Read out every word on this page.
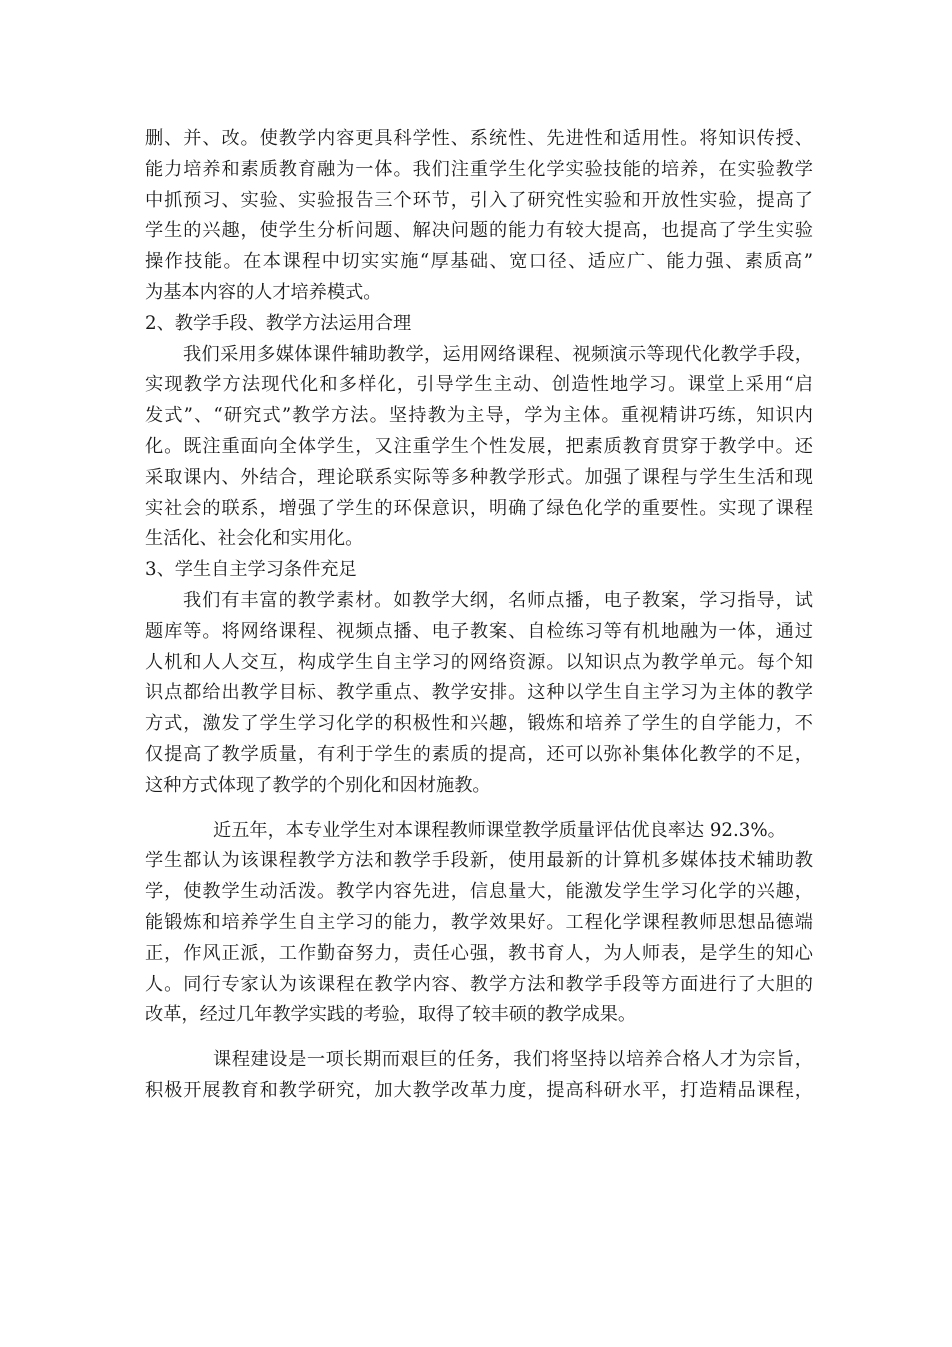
删、并、改。使教学内容更具科学性、系统性、先进性和适用性。将知识传授、
能力培养和素质教育融为一体。我们注重学生化学实验技能的培养，在实验教学
中抓预习、实验、实验报告三个环节，引入了研究性实验和开放性实验，提高了
学生的兴趣，使学生分析问题、解决问题的能力有较大提高，也提高了学生实验
操作技能。在本课程中切实实施“厚基础、宽口径、适应广、能力强、素质高”
为基本内容的人才培养模式。
2、教学手段、教学方法运用合理
我们采用多媒体课件辅助教学，运用网络课程、视频演示等现代化教学手段，
实现教学方法现代化和多样化，引导学生主动、创造性地学习。课堂上采用“启
发式”、“研究式”教学方法。坚持教为主导，学为主体。重视精讲巧练，知识内
化。既注重面向全体学生，又注重学生个性发展，把素质教育贯穿于教学中。还
采取课内、外结合，理论联系实际等多种教学形式。加强了课程与学生生活和现
实社会的联系，增强了学生的环保意识，明确了绿色化学的重要性。实现了课程
生活化、社会化和实用化。
3、学生自主学习条件充足
我们有丰富的教学素材。如教学大纲，名师点播，电子教案，学习指导，试
题库等。将网络课程、视频点播、电子教案、自检练习等有机地融为一体，通过
人机和人人交互，构成学生自主学习的网络资源。以知识点为教学单元。每个知
识点都给出教学目标、教学重点、教学安排。这种以学生自主学习为主体的教学
方式，激发了学生学习化学的积极性和兴趣，锻炼和培养了学生的自学能力，不
仅提高了教学质量，有利于学生的素质的提高，还可以弥补集体化教学的不足，
这种方式体现了教学的个别化和因材施教。
近五年，本专业学生对本课程教师课堂教学质量评估优良率达 92.3%。
学生都认为该课程教学方法和教学手段新，使用最新的计算机多媒体技术辅助教
学，使教学生动活泼。教学内容先进，信息量大，能激发学生学习化学的兴趣，
能锻炼和培养学生自主学习的能力，教学效果好。工程化学课程教师思想品德端
正，作风正派，工作勤奋努力，责任心强，教书育人，为人师表，是学生的知心
人。同行专家认为该课程在教学内容、教学方法和教学手段等方面进行了大胆的
改革，经过几年教学实践的考验，取得了较丰硕的教学成果。
课程建设是一项长期而艰巨的任务，我们将坚持以培养合格人才为宗旨，
积极开展教育和教学研究，加大教学改革力度，提高科研水平，打造精品课程，
